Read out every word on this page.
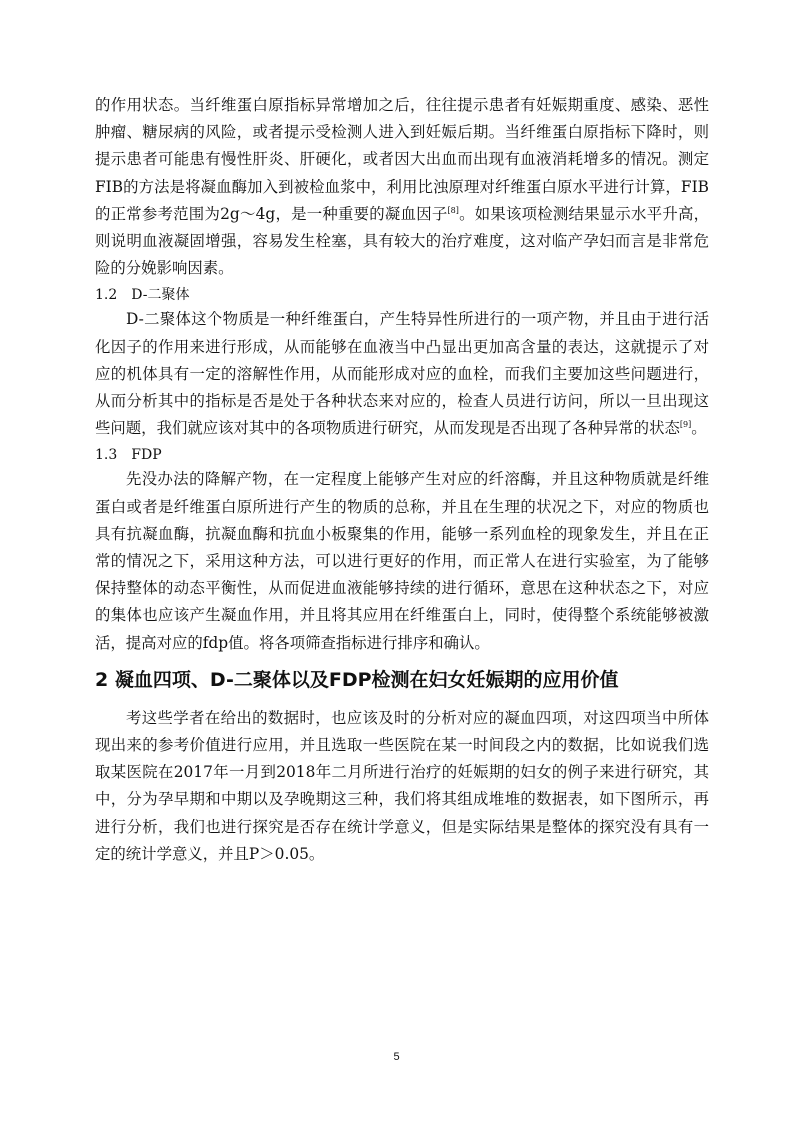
的作用状态。当纤维蛋白原指标异常增加之后，往往提示患者有妊娠期重度、感染、恶性肿瘤、糖尿病的风险，或者提示受检测人进入到妊娠后期。当纤维蛋白原指标下降时，则提示患者可能患有慢性肝炎、肝硬化，或者因大出血而出现有血液消耗增多的情况。测定FIB的方法是将凝血酶加入到被检血浆中，利用比浊原理对纤维蛋白原水平进行计算，FIB的正常参考范围为2g～4g，是一种重要的凝血因子[8]。如果该项检测结果显示水平升高，则说明血液凝固增强，容易发生栓塞，具有较大的治疗难度，这对临产孕妇而言是非常危险的分娩影响因素。

1.2　D-二聚体

D-二聚体这个物质是一种纤维蛋白，产生特异性所进行的一项产物，并且由于进行活化因子的作用来进行形成，从而能够在血液当中凸显出更加高含量的表达，这就提示了对应的机体具有一定的溶解性作用，从而能形成对应的血栓，而我们主要加这些问题进行，从而分析其中的指标是否是处于各种状态来对应的，检查人员进行访问，所以一旦出现这些问题，我们就应该对其中的各项物质进行研究，从而发现是否出现了各种异常的状态[9]。

1.3　FDP

先没办法的降解产物，在一定程度上能够产生对应的纤溶酶，并且这种物质就是纤维蛋白或者是纤维蛋白原所进行产生的物质的总称，并且在生理的状况之下，对应的物质也具有抗凝血酶，抗凝血酶和抗血小板聚集的作用，能够一系列血栓的现象发生，并且在正常的情况之下，采用这种方法，可以进行更好的作用，而正常人在进行实验室，为了能够保持整体的动态平衡性，从而促进血液能够持续的进行循环，意思在这种状态之下，对应的集体也应该产生凝血作用，并且将其应用在纤维蛋白上，同时，使得整个系统能够被激活，提高对应的fdp值。将各项筛查指标进行排序和确认。

2 凝血四项、D-二聚体以及FDP检测在妇女妊娠期的应用价值

考这些学者在给出的数据时，也应该及时的分析对应的凝血四项，对这四项当中所体现出来的参考价值进行应用，并且选取一些医院在某一时间段之内的数据，比如说我们选取某医院在2017年一月到2018年二月所进行治疗的妊娠期的妇女的例子来进行研究，其中，分为孕早期和中期以及孕晚期这三种，我们将其组成堆堆的数据表，如下图所示，再进行分析，我们也进行探究是否存在统计学意义，但是实际结果是整体的探究没有具有一定的统计学意义，并且P＞0.05。

5
